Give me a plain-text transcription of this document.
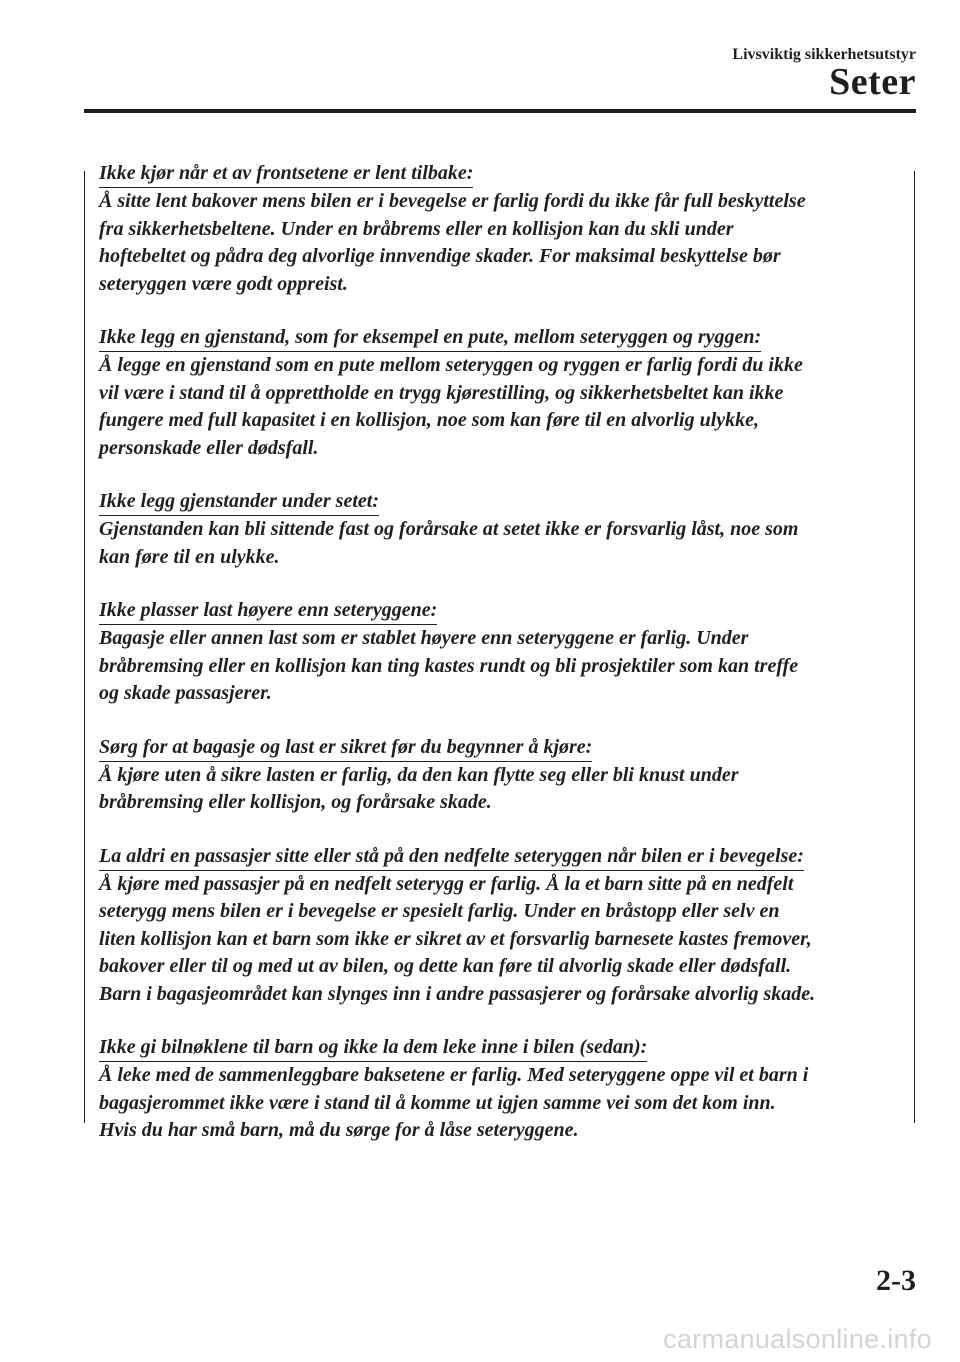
Livsviktig sikkerhetsutstyr
Seter
Ikke kjør når et av frontsetene er lent tilbake:

Å sitte lent bakover mens bilen er i bevegelse er farlig fordi du ikke får full beskyttelse
fra sikkerhetsbeltene. Under en bråbrems eller en kollisjon kan du skli under
hoftebeltet og pådra deg alvorlige innvendige skader. For maksimal beskyttelse bør
seteryggen være godt oppreist.

Ikke legg en gjenstand, som for eksempel en pute, mellom seteryggen og ryggen:

Å legge en gjenstand som en pute mellom seteryggen og ryggen er farlig fordi du ikke
vil være i stand til å opprettholde en trygg kjørestilling, og sikkerhetsbeltet kan ikke
fungere med full kapasitet i en kollisjon, noe som kan føre til en alvorlig ulykke,
personskade eller dødsfall.

Ikke legg gjenstander under setet:

Gjenstanden kan bli sittende fast og forårsake at setet ikke er forsvarlig låst, noe som
kan føre til en ulykke.

Ikke plasser last høyere enn seteryggene:

Bagasje eller annen last som er stablet høyere enn seteryggene er farlig. Under
bråbremsing eller en kollisjon kan ting kastes rundt og bli prosjektiler som kan treffe
og skade passasjerer.

Sørg for at bagasje og last er sikret før du begynner å kjøre:

Å kjøre uten å sikre lasten er farlig, da den kan flytte seg eller bli knust under
bråbremsing eller kollisjon, og forårsake skade.

La aldri en passasjer sitte eller stå på den nedfelte seteryggen når bilen er i bevegelse:

Å kjøre med passasjer på en nedfelt seterygg er farlig. Å la et barn sitte på en nedfelt
seterygg mens bilen er i bevegelse er spesielt farlig. Under en bråstopp eller selv en
liten kollisjon kan et barn som ikke er sikret av et forsvarlig barnesete kastes fremover,
bakover eller til og med ut av bilen, og dette kan føre til alvorlig skade eller dødsfall.
Barn i bagasjeområdet kan slynges inn i andre passasjerer og forårsake alvorlig skade.

Ikke gi bilnøklene til barn og ikke la dem leke inne i bilen (sedan):

Å leke med de sammenleggbare baksetene er farlig. Med seteryggene oppe vil et barn i
bagasjerommet ikke være i stand til å komme ut igjen samme vei som det kom inn.
Hvis du har små barn, må du sørge for å låse seteryggene.

2-3
carmanualsonline.info
